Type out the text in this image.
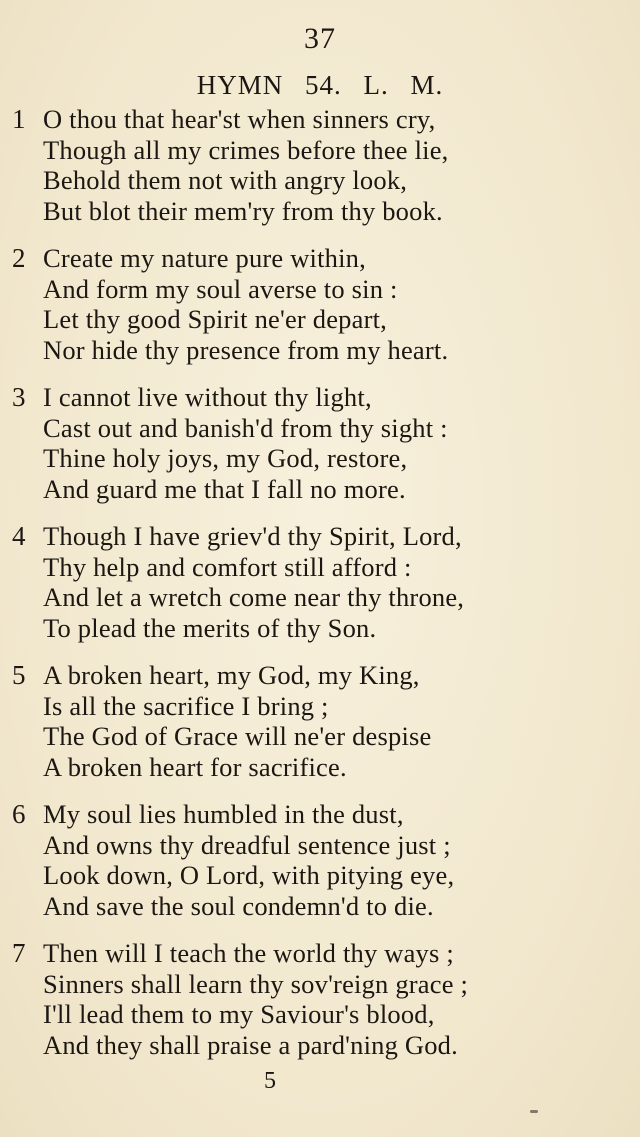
37
HYMN 54. L. M.
1 O thou that hear'st when sinners cry,
Though all my crimes before thee lie,
Behold them not with angry look,
But blot their mem'ry from thy book.
2 Create my nature pure within,
And form my soul averse to sin :
Let thy good Spirit ne'er depart,
Nor hide thy presence from my heart.
3 I cannot live without thy light,
Cast out and banish'd from thy sight :
Thine holy joys, my God, restore,
And guard me that I fall no more.
4 Though I have griev'd thy Spirit, Lord,
Thy help and comfort still afford :
And let a wretch come near thy throne,
To plead the merits of thy Son.
5 A broken heart, my God, my King,
Is all the sacrifice I bring ;
The God of Grace will ne'er despise
A broken heart for sacrifice.
6 My soul lies humbled in the dust,
And owns thy dreadful sentence just ;
Look down, O Lord, with pitying eye,
And save the soul condemn'd to die.
7 Then will I teach the world thy ways ;
Sinners shall learn thy sov'reign grace ;
I'll lead them to my Saviour's blood,
And they shall praise a pard'ning God.
5
